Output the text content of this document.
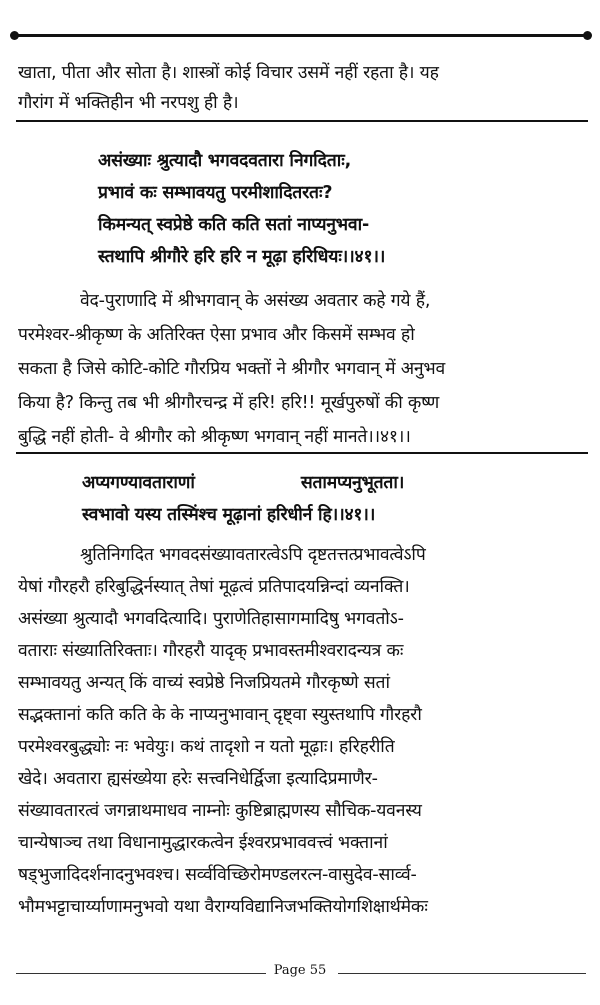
खाता, पीता और सोता है। शास्त्रों कोई विचार उसमें नहीं रहता है। यह
गौरांग में भक्तिहीन भी नरपशु ही है।
असंख्याः श्रुत्यादौ भगवदवतारा निगदिताः,
प्रभावं कः सम्भावयतु परमीशादितरतः?
किमन्यत् स्वप्रेष्ठे कति कति सतां नाप्यनुभवा-
स्तथापि श्रीगौरे हरि हरि न मूढ़ा हरिधियः।।४१।।
वेद-पुराणादि में श्रीभगवान् के असंख्य अवतार कहे गये हैं,
परमेश्वर-श्रीकृष्ण के अतिरिक्त ऐसा प्रभाव और किसमें सम्भव हो
सकता है जिसे कोटि-कोटि गौरप्रिय भक्तों ने श्रीगौर भगवान् में अनुभव
किया है? किन्तु तब भी श्रीगौरचन्द्र में हरि! हरि!! मूर्खपुरुषों की कृष्ण
बुद्धि नहीं होती- वे श्रीगौर को श्रीकृष्ण भगवान् नहीं मानते।।४१।।
अप्यगण्यावताराणां                  सतामप्यनुभूतता।
स्वभावो यस्य तस्मिंश्च मूढ़ानां हरिधीर्न हि।।४१।।
श्रुतिनिगदित भगवदसंख्यावतारत्वेऽपि दृष्टतत्तत्प्रभावत्वेऽपि
येषां गौरहरौ हरिबुद्धिर्नस्यात् तेषां मूढ़त्वं प्रतिपादयन्निन्दां व्यनक्ति।
असंख्या श्रुत्यादौ भगवदित्यादि। पुराणेतिहासागमादिषु भगवतोऽ-
वताराः संख्यातिरिक्ताः। गौरहरौ यादृक् प्रभावस्तमीश्वरादन्यत्र कः
सम्भावयतु अन्यत् किं वाच्यं स्वप्रेष्ठे निजप्रियतमे गौरकृष्णे सतां
सद्भक्तानां कति कति के के नाप्यनुभावान् दृष्ट्वा स्युस्तथापि गौरहरौ
परमेश्वरबुद्ध्योः नः भवेयुः। कथं तादृशो न यतो मूढ़ाः। हरिहरीति
खेदे। अवतारा ह्यसंख्येया हरेः सत्त्वनिधेर्द्विजा इत्यादिप्रमाणैर-
संख्यावतारत्वं जगन्नाथमाधव नाम्नोः कुष्टिब्राह्मणस्य सौचिक-यवनस्य
चान्येषाञ्च तथा विधानामुद्धारकत्वेन ईश्वरप्रभाववत्त्वं भक्तानां
षड्भुजादिदर्शनादनुभवश्च। सर्व्वविच्छिरोमण्डलरत्न-वासुदेव-सार्व्व-
भौमभट्टाचार्य्याणामनुभवो यथा वैराग्यविद्यानिजभक्तियोगशिक्षार्थमेकः
Page 55
